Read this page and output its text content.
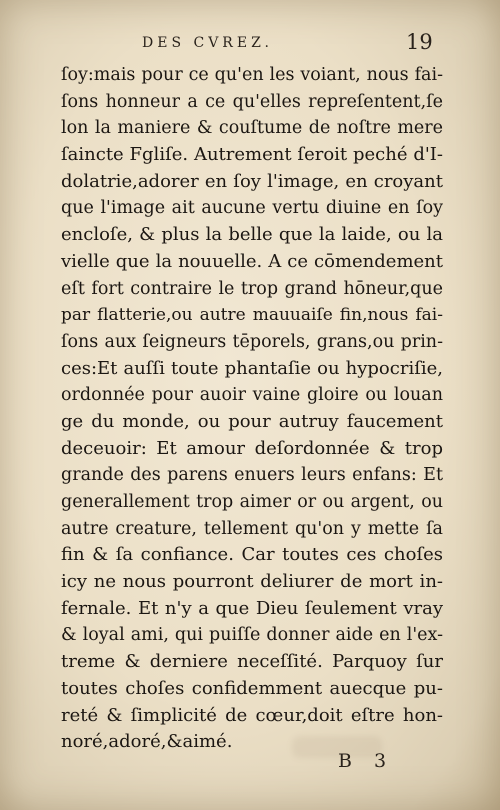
DES CVREZ.	19
ſoy:mais pour ce qu'en les voiant, nous fai-
ſons honneur a ce qu'elles repreſentent,ſe
lon la maniere & couſtume de noſtre mere
ſaincte Fgliſe. Autrement ſeroit peché d'I-
dolatrie,adorer en ſoy l'image, en croyant
que l'image ait aucune vertu diuine en ſoy
encloſe, & plus la belle que la laide, ou la
vielle que la nouuelle. A ce cōmendement
eſt fort contraire le trop grand hōneur,que
par flatterie,ou autre mauuaiſe fin,nous fai-
ſons aux ſeigneurs tēporels, grans,ou prin-
ces:Et auſſi toute phantaſie ou hypocriſie,
ordonnée pour auoir vaine gloire ou louan
ge du monde, ou pour autruy faucement
deceuoir: Et amour deſordonnée & trop
grande des parens enuers leurs enfans: Et
generallement trop aimer or ou argent, ou
autre creature, tellement qu'on y mette ſa
fin & ſa confiance. Car toutes ces choſes
icy ne nous pourront deliurer de mort in-
fernale. Et n'y a que Dieu ſeulement vray
& loyal ami, qui puiſſe donner aide en l'ex-
treme & derniere neceſſité. Parquoy ſur
toutes choſes confidemment auecque pu-
reté & ſimplicité de cœur,doit eſtre hon-
noré,adoré,&aimé.
B 3
